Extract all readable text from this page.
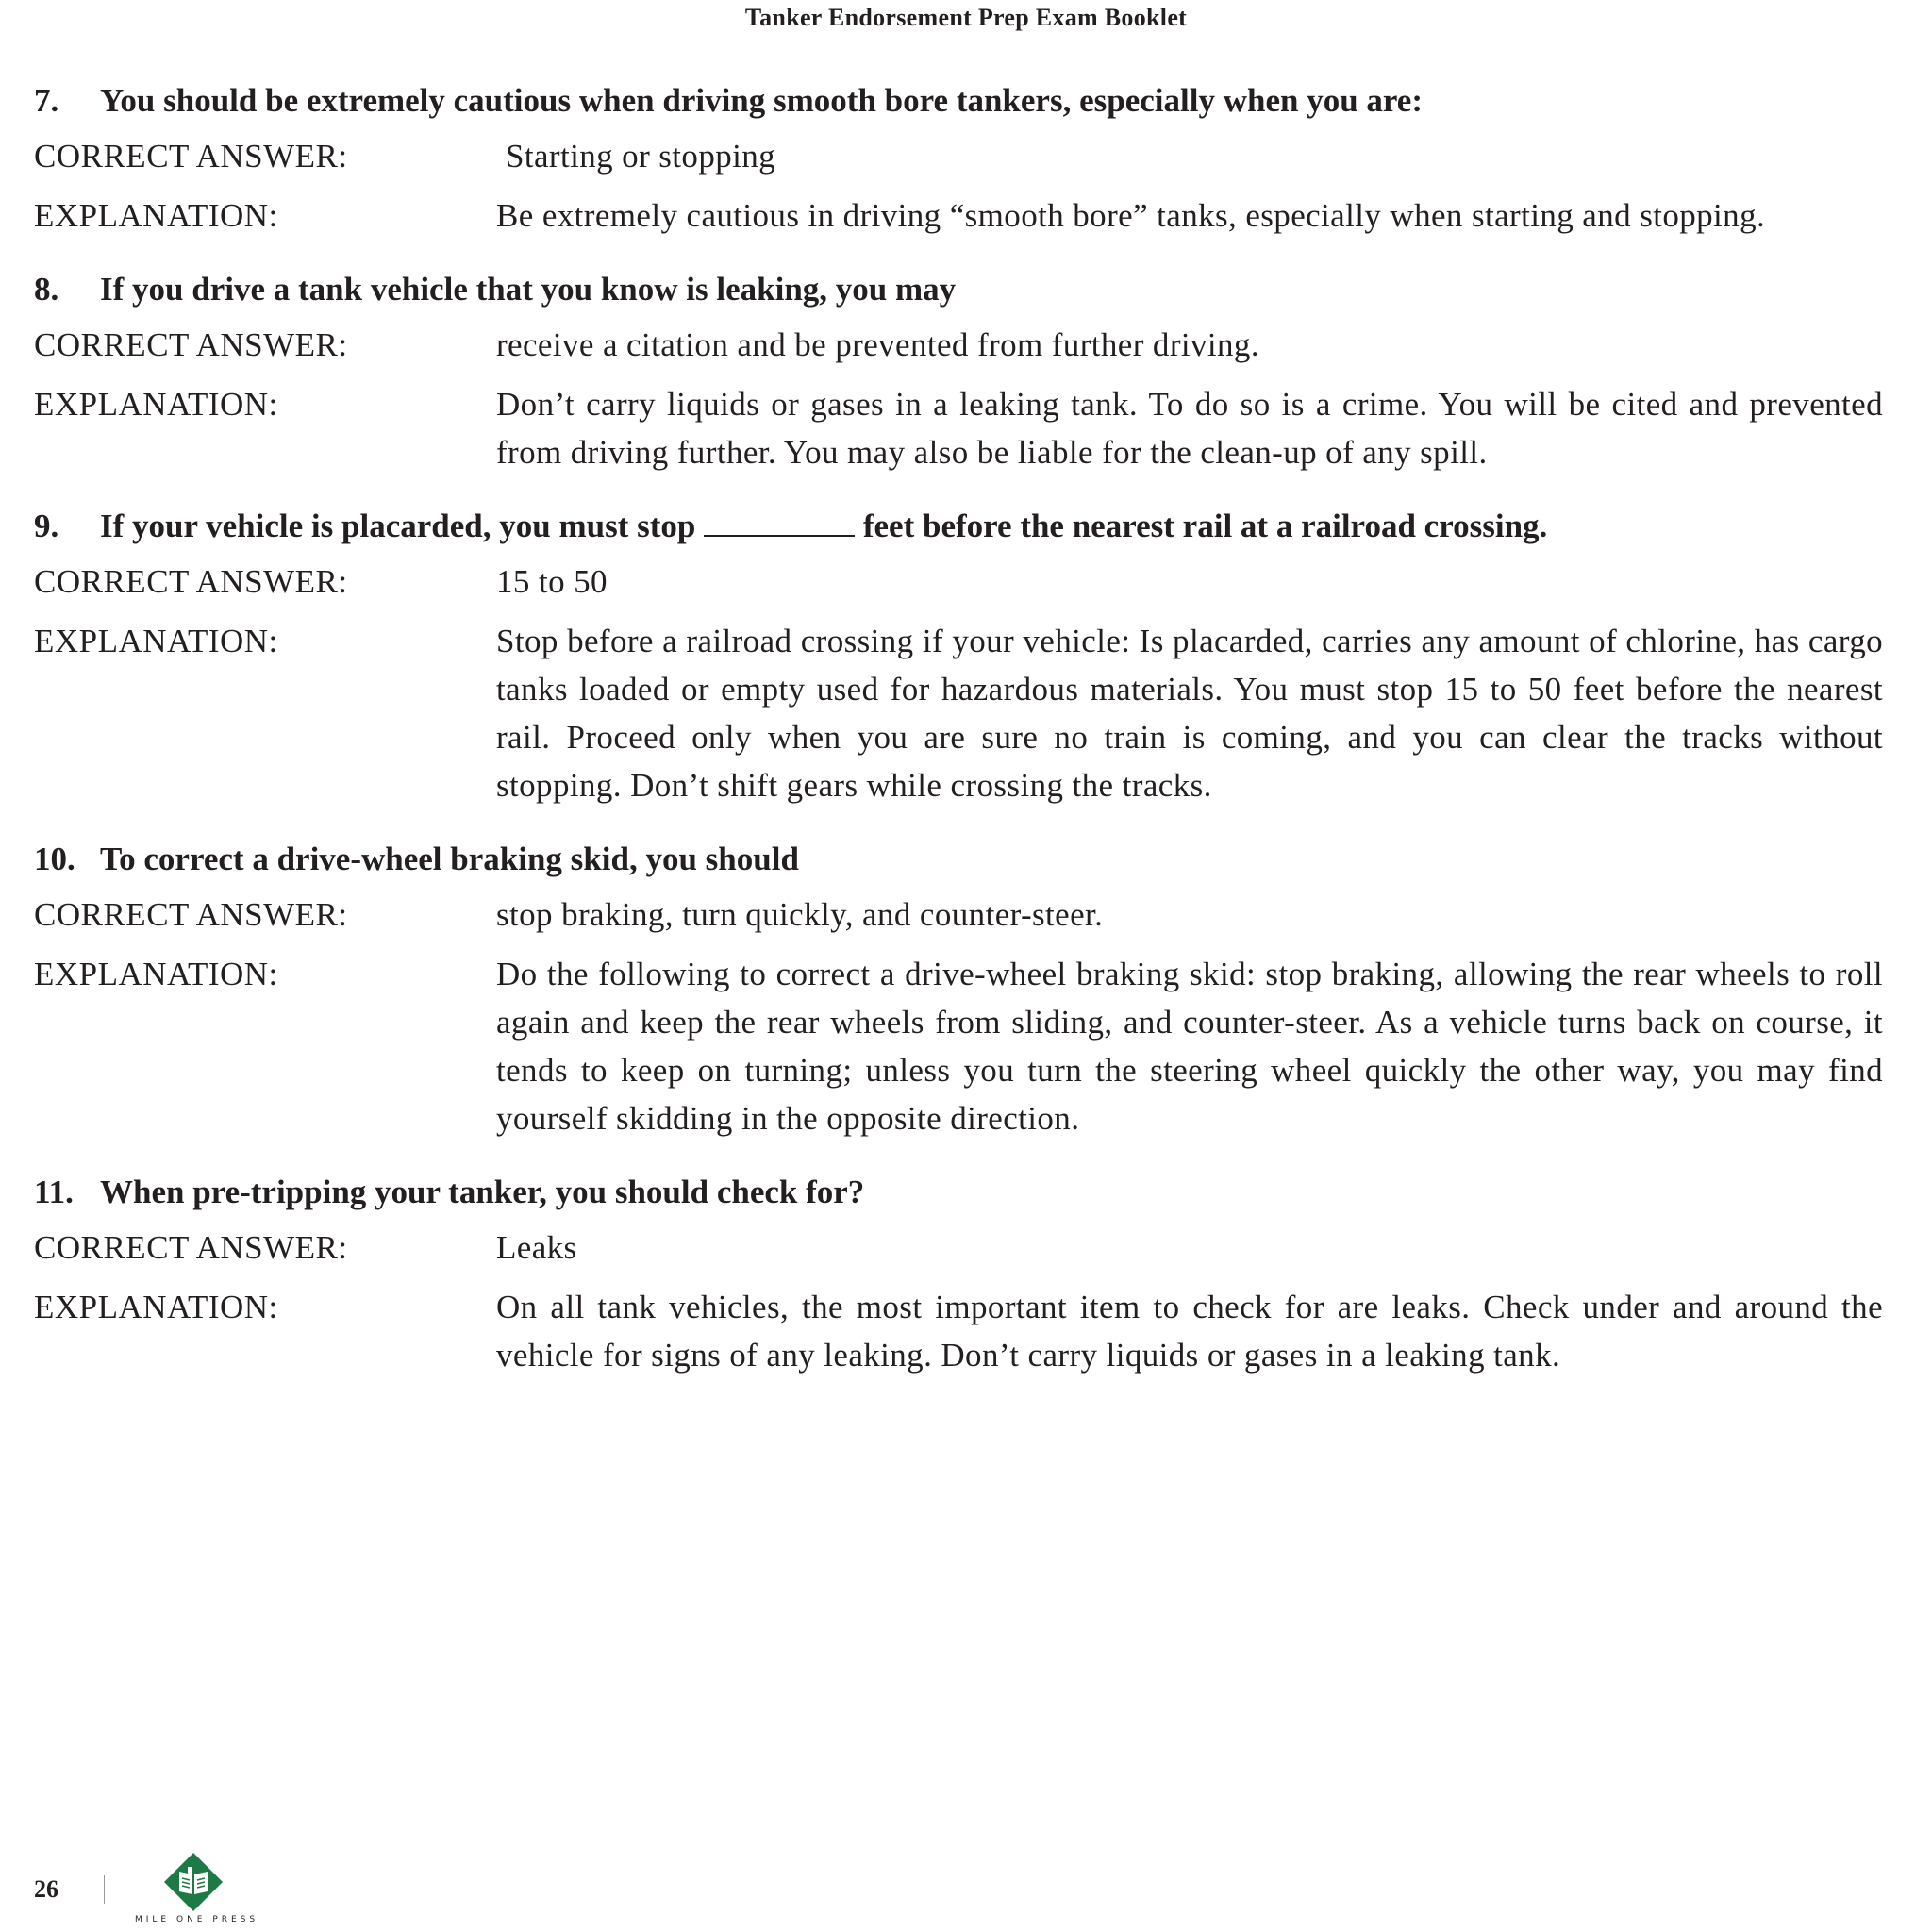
Tanker Endorsement Prep Exam Booklet
7. You should be extremely cautious when driving smooth bore tankers, especially when you are:
CORRECT ANSWER:	Starting or stopping
EXPLANATION:	Be extremely cautious in driving “smooth bore” tanks, especially when starting and stopping.
8. If you drive a tank vehicle that you know is leaking, you may
CORRECT ANSWER:	receive a citation and be prevented from further driving.
EXPLANATION:	Don’t carry liquids or gases in a leaking tank. To do so is a crime. You will be cited and prevented from driving further. You may also be liable for the clean-up of any spill.
9. If your vehicle is placarded, you must stop	feet before the nearest rail at a railroad crossing.
CORRECT ANSWER:	15 to 50
EXPLANATION:	Stop before a railroad crossing if your vehicle: Is placarded, carries any amount of chlorine, has cargo tanks loaded or empty used for hazardous materials. You must stop 15 to 50 feet before the nearest rail. Proceed only when you are sure no train is coming, and you can clear the tracks without stopping. Don’t shift gears while crossing the tracks.
10. To correct a drive-wheel braking skid, you should
CORRECT ANSWER:	stop braking, turn quickly, and counter-steer.
EXPLANATION:	Do the following to correct a drive-wheel braking skid: stop braking, allowing the rear wheels to roll again and keep the rear wheels from sliding, and counter-steer. As a vehicle turns back on course, it tends to keep on turning; unless you turn the steering wheel quickly the other way, you may find yourself skidding in the opposite direction.
11. When pre-tripping your tanker, you should check for?
CORRECT ANSWER:	Leaks
EXPLANATION:	On all tank vehicles, the most important item to check for are leaks. Check under and around the vehicle for signs of any leaking. Don’t carry liquids or gases in a leaking tank.
26
MILE ONE PRESS
